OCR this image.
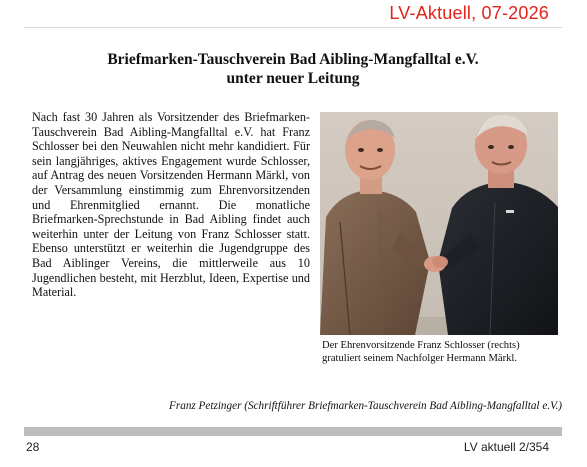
LV-Aktuell, 07-2026
Briefmarken-Tauschverein Bad Aibling-Mangfalltal e.V.
unter neuer Leitung

Nach fast 30 Jahren als Vorsitzender des Briefmarken-Tauschverein Bad Aibling-Mangfalltal e.V. hat Franz Schlosser bei den Neuwahlen nicht mehr kandidiert. Für sein langjähriges, aktives Engagement wurde Schlosser, auf Antrag des neuen Vorsitzenden Hermann Märkl, von der Versammlung einstimmig zum Ehrenvorsitzenden und Ehrenmitglied ernannt. Die monatliche Briefmarken-Sprechstunde in Bad Aibling findet auch weiterhin unter der Leitung von Franz Schlosser statt. Ebenso unterstützt er weiterhin die Jugendgruppe des Bad Aiblinger Vereins, die mittlerweile aus 10 Jugendlichen besteht, mit Herzblut, Ideen, Expertise und Material.

Der Ehrenvorsitzende Franz Schlosser (rechts) gratuliert seinem Nachfolger Hermann Märkl.

Franz Petzinger (Schriftführer Briefmarken-Tauschverein Bad Aibling-Mangfalltal e.V.)
28	LV aktuell 2/354
